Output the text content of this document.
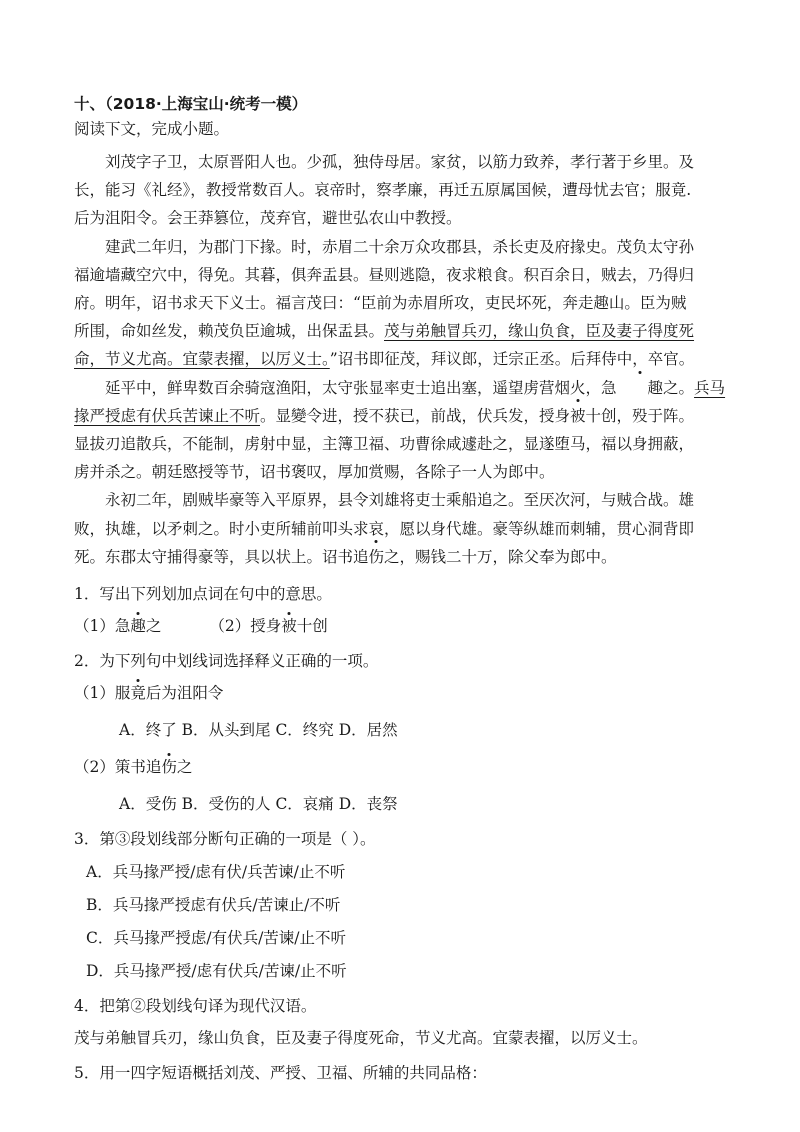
十、（2018·上海宝山·统考一模）
阅读下文，完成小题。
刘茂字子卫，太原晋阳人也。少孤，独侍母居。家贫，以筋力致养，孝行著于乡里。及
长，能习《礼经》，教授常数百人。哀帝时，察孝廉，再迁五原属国候，遭母忧去官；服竟.
后为沮阳令。会王莽篡位，茂弃官，避世弘农山中教授。
建武二年归，为郡门下掾。时，赤眉二十余万众攻郡县，杀长吏及府掾史。茂负太守孙
福逾墙藏空穴中，得免。其暮，俱奔盂县。昼则逃隐，夜求粮食。积百余日，贼去，乃得归
府。明年，诏书求天下义士。福言茂曰：“臣前为赤眉所攻，吏民坏死，奔走趣山。臣为贼
所围，命如丝发，赖茂负臣逾城，出保盂县。茂与弟触冒兵刃，缘山负食，臣及妻子得度死
命，节义尤高。宜蒙表擢，以厉义士。”诏书即征茂，拜议郎，迁宗正丞。后拜侍中，卒官。
延平中，鲜卑数百余骑寇渔阳，太守张显率吏士追出塞，遥望虏营烟火，急 趣之。兵马
掾严授虑有伏兵苦谏止不听。显變令进，授不获已，前战，伏兵发，授身被十创，殁于阵。
显拔刃追散兵，不能制，虏射中显，主簿卫福、功曹徐咸遽赴之，显遂堕马，福以身拥蔽，
虏并杀之。朝廷愍授等节，诏书褒叹，厚加赏赐，各除子一人为郎中。
永初二年，剧贼毕豪等入平原界，县令刘雄将吏士乘船追之。至厌次河，与贼合战。雄
败，执雄，以矛刺之。时小吏所辅前叩头求哀，愿以身代雄。豪等纵雄而刺辅，贯心洞背即
死。东郡太守捕得豪等，具以状上。诏书追伤之，赐钱二十万，除父奉为郎中。
1．写出下列划加点词在句中的意思。
（1）急趣之	（2）授身被十创
2．为下列句中划线词选择释义正确的一项。
（1）服竟后为沮阳令
A．终了 B．从头到尾 C．终究 D．居然
（2）策书追伤之
A．受伤 B．受伤的人 C．哀痛 D．丧祭
3．第③段划线部分断句正确的一项是（ ）。
A．兵马掾严授/虑有伏/兵苦谏/止不听
B．兵马掾严授虑有伏兵/苦谏止/不听
C．兵马掾严授虑/有伏兵/苦谏/止不听
D．兵马掾严授/虑有伏兵/苦谏/止不听
4．把第②段划线句译为现代汉语。
茂与弟触冒兵刃，缘山负食，臣及妻子得度死命，节义尤高。宜蒙表擢，以厉义士。
5．用一四字短语概括刘茂、严授、卫福、所辅的共同品格：
